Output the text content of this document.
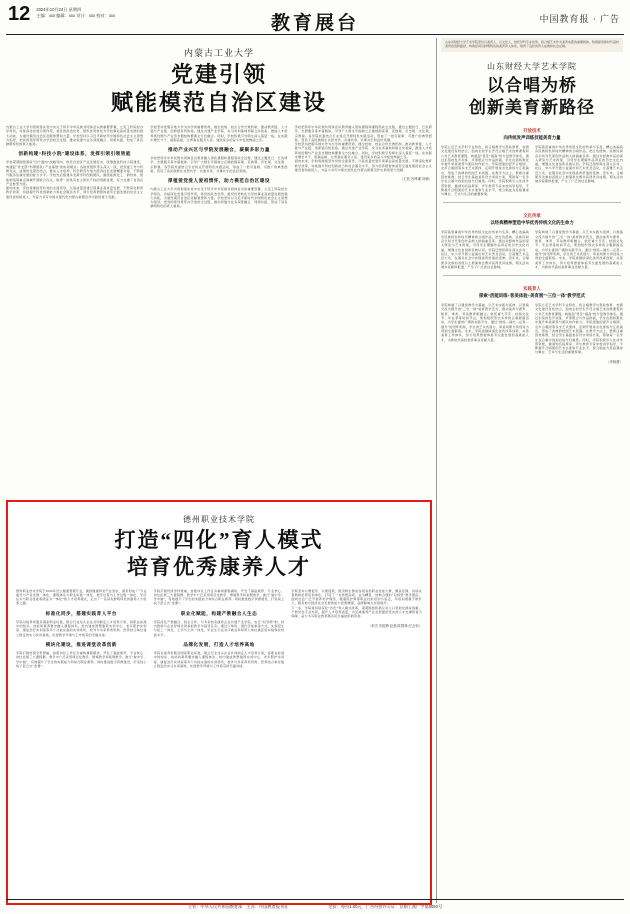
12 2024年10月24日 星期四
主编：xxx 编辑：xxx 设计：xxx 校对：xxx	教育展台	中国教育报 · 广告
内蒙古工业大学
党建引领
赋能模范自治区建设
内蒙古工业大学为贯彻落实党中央关于铸牢中华民族共同体意识的重要部署，立足工科院校办学特色，持续深化党建引领作用，将党的政治优势、组织优势转化为学校事业高质量发展的强大动能，为建设模范自治区贡献智慧和力量。学校坚持以习近平新时代中国特色社会主义思想为指导，把党的领导贯穿办学治校全过程，推动党建与业务深度融合、同频共振，形成了具有鲜明特色的育人格局。
创新构建“科技小院”建设体系，发挥引领引领效能
学校紧紧围绕国家“四个面向”战略导向，依托自治区产业发展需求，统筹推进科技小院建设，构建起“党支部+科研团队+产业基地”的协同模式。各级党组织带头深入一线，把党建工作与科研攻关、成果转化紧密结合，推动人才培养、科学研究与地方经济社会发展精准对接，不断提升服务区域发展的能力水平。学校先后组建多支跨学科创新团队，围绕能源化工、新材料、智能制造等重点领域开展联合攻关，取得一批具有自主知识产权的创新成果，有力支撑了自治区产业转型升级。
面向未来，学校将继续坚持党的全面领导，以高质量党建引领事业高质量发展，不断深化教育教学改革，持续提升科技创新能力和社会服务水平，努力培养德智体美劳全面发展的社会主义建设者和接班人，为奋力书写中国式现代化内蒙古新篇章作出新的更大贡献。
学校坚持把服务地方作为办学的重要使命，健全校地、校企合作长效机制，推动教育链、人才链与产业链、创新链有机衔接。通过共建产业学院、实习实训基地和联合实验室，推进人才培养供给侧与产业需求侧结构要素全方位融合。同时，学校积极引导师生深入基层一线，在实践中增长才干、砥砺品格，让青春在服务人民、建设家乡的奋斗中绽放绚丽之花。
推动产业兴区与学院发展融合，凝聚多彩力量
学校把铸牢中华民族共同体意识教育融入思政课程和课程思政全过程，通过主题党日、红色研学、志愿服务等丰富载体，引导广大师生牢固树立正确的国家观、民族观、历史观、文化观、宗教观。各学院党委结合专业特点开展特色实践活动，形成了一批可复制、可推广的典型经验，营造了各民族师生共居共学、共建共享、共事共乐的良好氛围。
厚植爱党爱人爱祖情怀，助力模范自治区建设
内蒙古工业大学为贯彻落实党中央关于铸牢中华民族共同体意识的重要部署，立足工科院校办学特色，持续深化党建引领作用，将党的政治优势、组织优势转化为学校事业高质量发展的强大动能，为建设模范自治区贡献智慧和力量。学校坚持以习近平新时代中国特色社会主义思想为指导，把党的领导贯穿办学治校全过程，推动党建与业务深度融合、同频共振，形成了具有鲜明特色的育人格局。
学校把铸牢中华民族共同体意识教育融入思政课程和课程思政全过程，通过主题党日、红色研学、志愿服务等丰富载体，引导广大师生牢固树立正确的国家观、民族观、历史观、文化观、宗教观。各学院党委结合专业特点开展特色实践活动，形成了一批可复制、可推广的典型经验，营造了各民族师生共居共学、共建共享、共事共乐的良好氛围。
学校坚持把服务地方作为办学的重要使命，健全校地、校企合作长效机制，推动教育链、人才链与产业链、创新链有机衔接。通过共建产业学院、实习实训基地和联合实验室，推进人才培养供给侧与产业需求侧结构要素全方位融合。同时，学校积极引导师生深入基层一线，在实践中增长才干、砥砺品格，让青春在服务人民、建设家乡的奋斗中绽放绚丽之花。
面向未来，学校将继续坚持党的全面领导，以高质量党建引领事业高质量发展，不断深化教育教学改革，持续提升科技创新能力和社会服务水平，努力培养德智体美劳全面发展的社会主义建设者和接班人，为奋力书写中国式现代化内蒙古新篇章作出新的更大贡献。
（王波 苏博谦 刘楠）
德州职业技术学院
打造“四化”育人模式
培育优秀康养人才
德州职业技术学院于2006年设立健康管理专业，围绕健康养老产业需求，探索形成了“专业建设与产业发展一体化、课程体系与职业标准一体化、教学过程与工作过程一体化、学历证书与职业技能等级证书一体化”的人才培养模式，走出了一条具有鲜明特色的康养人才培养之路。
标准化同步，搭建实践育人平台
学院对接养老服务国家职业标准，联合行业龙头企业共同制定人才培养方案，将职业标准中的知识、技能和素养要求融入课程体系。校内建成智慧康养实训中心、老年照护实训室、康复治疗实训室等多个功能完备的实训场所，校外与多家养老机构、医养结合单位建立稳定的实习实训基地，实现教学环境与工作场景的无缝对接。
模块化建设，推进课堂改革创新
学院打破传统学科壁垒，按照岗位工作任务重构课程模块，开发了基础素养、专业核心、岗位拓展三大课程群。教学中广泛采用项目化教学、情境教学和案例教学，推行“做中学、学中做”，有效提升了学生的实践能力和综合职业素养。同时推进数字资源建设，打造线上线下混合式“金课”。
学院打破传统学科壁垒，按照岗位工作任务重构课程模块，开发了基础素养、专业核心、岗位拓展三大课程群。教学中广泛采用项目化教学、情境教学和案例教学，推行“做中学、学中做”，有效提升了学生的实践能力和综合职业素养。同时推进数字资源建设，打造线上线下混合式“金课”。
职业化赋能，构建产教融合人生态
学院深化产教融合、校企合作，与多家知名康养企业共建产业学院，实行“双导师”制，校内教师与企业导师共同承担教学与指导任务。通过订单班、现代学徒制等方式，实现招生与招工一体化、上学与上岗一体化，毕业生专业对口就业率和用人单位满意度持续保持较高水平。
品牌化发展，打造人才培养高地
学院对接养老服务国家职业标准，联合行业龙头企业共同制定人才培养方案，将职业标准中的知识、技能和素养要求融入课程体系。校内建成智慧康养实训中心、老年照护实训室、康复治疗实训室等多个功能完备的实训场所，校外与多家养老机构、医养结合单位建立稳定的实习实训基地，实现教学环境与工作场景的无缝对接。
学院坚持以赛促学、以赛促教，组织师生参加各级各类职业技能大赛，屡获佳绩。持续完善教师培养培训体系，打造了一支师德高尚、业务精湛、结构合理的“双师型”教学团队。面向社会广泛开展养老护理员、健康照护师等职业技能培训与鉴定，年培训规模不断扩大，服务地方经济社会发展的能力显著增强，品牌影响力持续提升。
下一步，学院将持续深化“四化”育人模式改革，紧紧围绕积极应对人口老龄化国家战略，不断优化专业布局，提升人才培养质量，为区域康养产业发展提供坚实的人才支撑和智力保障，奋力书写职业教育服务民生福祉的新答卷。
（李杰 朱振辉 赵磊 陈慧林 纪念荣）
山东省财经大学艺术学院坚持以美育人、以文化人，依托学科专业优势，将合唱艺术作为美育实践的重要载体，积极探索新时代高校美育的创新路径，构建起具有鲜明特色的美育育人体系，取得了良好的育人成效和社会反响。
山东财经大学艺术学院
以合唱为桥
创新美育新路径
开放技术
向传统发声训练技能美育力量
学院立足艺术学科专业特色，将合唱教学与思政教育、校园文化建设有机结合，面向全校学生开设合唱艺术选修课程和公共艺术教育课程，构建起“普及+提高”的分层教学体系。通过系统的发声训练、声部配合与作品排演，学生在潜移默化中提升审美素养与团队协作能力。学院组建的混声合唱团、女声合唱团等多支艺术团体，定期开展常态化排练与汇报演出，形成了浓厚的校园艺术氛围。在教学方法上，教师注重因材施教，结合学生基础差异设计训练方案，帮助每一名学生在合唱中找到自信与归属感。同时，学院积极引入优质外部资源，邀请知名指挥家、声乐教育专家来校讲学指导，不断提升合唱团的艺术水准和专业水平，使合唱成为连接课堂与舞台、艺术与生活的重要桥梁。
学院高度重视中华优秀传统文化的传承与弘扬，精心选编具有民族特色和时代精神的合唱作品，把红色经典、民族民间音乐和当代原创作品纳入排演曲目库。通过对经典作品的深入研读与艺术再现，引导学生理解作品背后的历史文化内涵，增强文化自信和民族认同。学院还组织师生深入乡村、社区、中小学开展公益演出和艺术普及活动，让高雅艺术走近大众，在服务社会中实现美育价值的延伸。近年来，合唱团多次参加省级以上展演和比赛并获得优异成绩，相关活动被多家媒体报道，产生了广泛的社会影响。
文化传承
以经典精神塑造中华优秀传统文化的生命力
学院高度重视中华优秀传统文化的传承与弘扬，精心选编具有民族特色和时代精神的合唱作品，把红色经典、民族民间音乐和当代原创作品纳入排演曲目库。通过对经典作品的深入研读与艺术再现，引导学生理解作品背后的历史文化内涵，增强文化自信和民族认同。学院还组织师生深入乡村、社区、中小学开展公益演出和艺术普及活动，让高雅艺术走近大众，在服务社会中实现美育价值的延伸。近年来，合唱团多次参加省级以上展演和比赛并获得优异成绩，相关活动被多家媒体报道，产生了广泛的社会影响。
学院构建了以课堂教学为基础、以艺术实践为延伸、以展演交流为提升的“三位一体”美育教学范式，推动美育与德育、智育、体育、劳动教育相融合。依托重大节庆、校园文化节、毕业季等时间节点，策划组织形式多样的合唱展演活动，为学生提供广阔的实践平台。通过“排练—演出—反思—提升”的闭环机制，学生的艺术表现力、审美判断力和创造力得到全面锻炼。未来，学院将继续深化美育改革创新，完善美育工作体系，努力培养德智体美劳全面发展的高素质人才，为新时代高校美育事业贡献力量。
实践育人
探索“活能训练+客美体验+美育展”“三位一体”教学范式
学院构建了以课堂教学为基础、以艺术实践为延伸、以展演交流为提升的“三位一体”美育教学范式，推动美育与德育、智育、体育、劳动教育相融合。依托重大节庆、校园文化节、毕业季等时间节点，策划组织形式多样的合唱展演活动，为学生提供广阔的实践平台。通过“排练—演出—反思—提升”的闭环机制，学生的艺术表现力、审美判断力和创造力得到全面锻炼。未来，学院将继续深化美育改革创新，完善美育工作体系，努力培养德智体美劳全面发展的高素质人才，为新时代高校美育事业贡献力量。
学院立足艺术学科专业特色，将合唱教学与思政教育、校园文化建设有机结合，面向全校学生开设合唱艺术选修课程和公共艺术教育课程，构建起“普及+提高”的分层教学体系。通过系统的发声训练、声部配合与作品排演，学生在潜移默化中提升审美素养与团队协作能力。学院组建的混声合唱团、女声合唱团等多支艺术团体，定期开展常态化排练与汇报演出，形成了浓厚的校园艺术氛围。在教学方法上，教师注重因材施教，结合学生基础差异设计训练方案，帮助每一名学生在合唱中找到自信与归属感。同时，学院积极引入优质外部资源，邀请知名指挥家、声乐教育专家来校讲学指导，不断提升合唱团的艺术水准和专业水平，使合唱成为连接课堂与舞台、艺术与生活的重要桥梁。
（李晓蕾）
主管：中华人民共和国教育部　主办：中国教育报刊社	定价：每份1.00元　广告经营许可证：京朝工商广字第8050号
